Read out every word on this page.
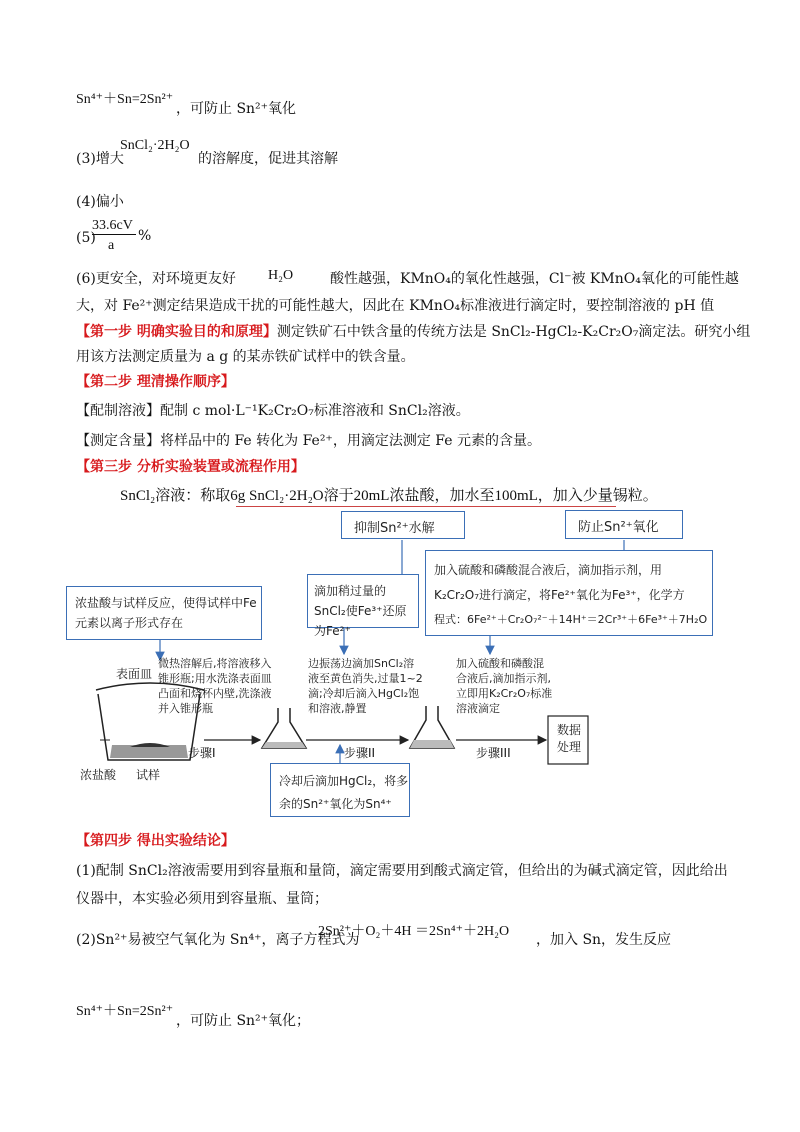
Sn⁴⁺＋Sn=2Sn²⁺
，可防止 Sn²⁺氧化
(3)增大
SnCl₂·2H₂O
的溶解度，促进其溶解
(4)偏小
(5)
33.6cV
a
%
(6)更安全，对环境更友好 H₂O	酸性越强，KMnO₄的氧化性越强，Cl⁻被 KMnO₄氧化的可能性越
大，对 Fe²⁺测定结果造成干扰的可能性越大，因此在 KMnO₄标准液进行滴定时，要控制溶液的 pH 值
【第一步 明确实验目的和原理】测定铁矿石中铁含量的传统方法是 SnCl₂-HgCl₂-K₂Cr₂O₇滴定法。研究小组
用该方法测定质量为 a g 的某赤铁矿试样中的铁含量。
【第二步 理清操作顺序】
【配制溶液】配制 c mol·L⁻¹K₂Cr₂O₇标准溶液和 SnCl₂溶液。
【测定含量】将样品中的 Fe 转化为 Fe²⁺，用滴定法测定 Fe 元素的含量。
【第三步 分析实验装置或流程作用】
SnCl₂溶液：称取6g SnCl₂·2H₂O溶于20mL浓盐酸，加水至100mL，加入少量锡粒。
抑制Sn²⁺水解	防止Sn²⁺氧化
浓盐酸与试样反应，使得试样中Fe元素以离子形式存在
滴加稍过量的SnCl₂使Fe³⁺还原为Fe²⁺
加入硫酸和磷酸混合液后，滴加指示剂，用
K₂Cr₂O₇进行滴定，将Fe²⁺氧化为Fe³⁺，化学方
程式：6Fe²⁺＋Cr₂O₇²⁻＋14H⁺＝2Cr³⁺＋6Fe³⁺＋7H₂O
冷却后滴加HgCl₂，将多
余的Sn²⁺氧化为Sn⁴⁺
表面皿
浓盐酸 试样
微热溶解后,将溶液移入锥形瓶;用水洗涤表面皿凸面和烧杯内壁,洗涤液并入锥形瓶
边振荡边滴加SnCl₂溶液至黄色消失,过量1~2滴;冷却后滴入HgCl₂饱和溶液,静置
加入硫酸和磷酸混合液后,滴加指示剂,立即用K₂Cr₂O₇标准溶液滴定
步骤I	步骤II	步骤III
数据处理
【第四步 得出实验结论】
(1)配制 SnCl₂溶液需要用到容量瓶和量筒，滴定需要用到酸式滴定管，但给出的为碱式滴定管，因此给出
仪器中，本实验必须用到容量瓶、量筒；
(2)Sn²⁺易被空气氧化为 Sn⁴⁺，离子方程式为
2Sn²⁺＋O₂＋4H ＝2Sn⁴⁺＋2H₂O
，加入 Sn，发生反应
Sn⁴⁺＋Sn=2Sn²⁺
，可防止 Sn²⁺氧化；
